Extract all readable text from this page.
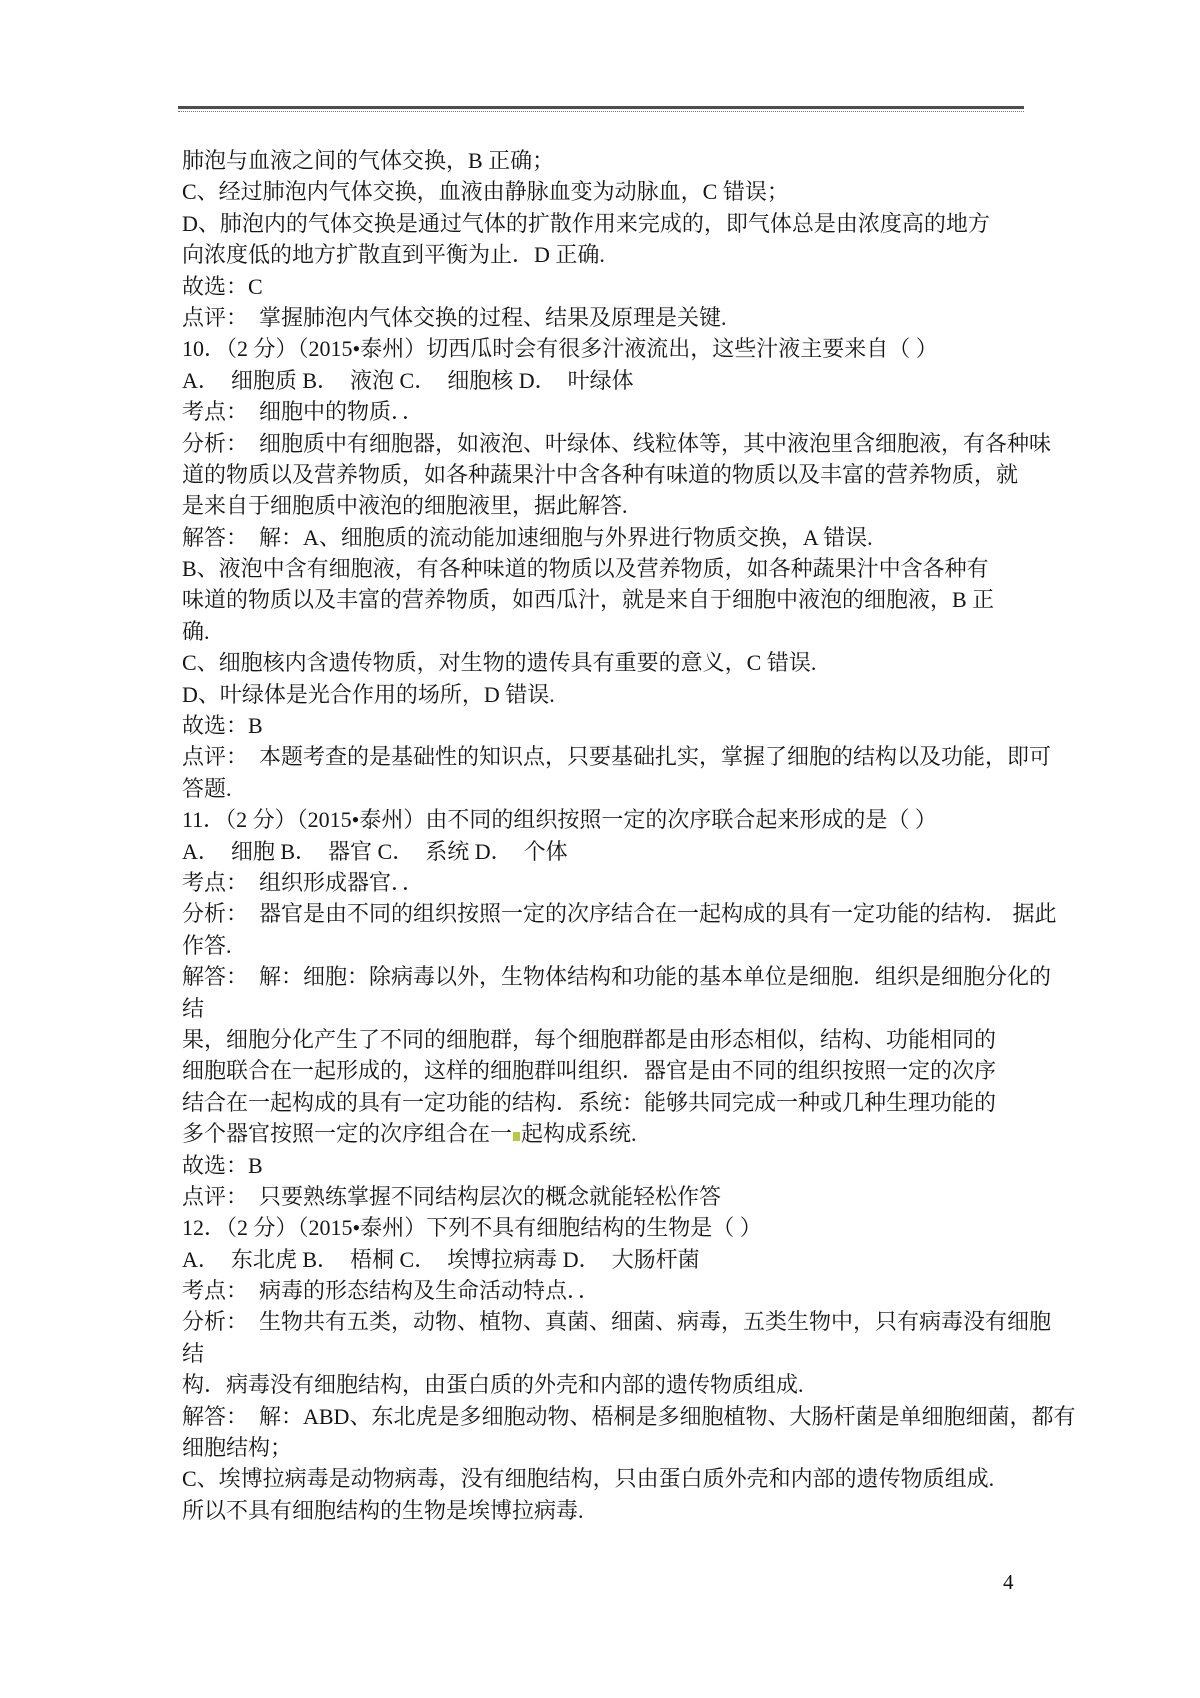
肺泡与血液之间的气体交换，B 正确；
C、经过肺泡内气体交换，血液由静脉血变为动脉血，C 错误；
D、肺泡内的气体交换是通过气体的扩散作用来完成的，即气体总是由浓度高的地方
向浓度低的地方扩散直到平衡为止．D 正确.
故选：C
点评：  掌握肺泡内气体交换的过程、结果及原理是关键.
10．（2 分）（2015•泰州）切西瓜时会有很多汁液流出，这些汁液主要来自（ ）
A．  细胞质 B．  液泡 C．  细胞核 D．  叶绿体
考点：  细胞中的物质．．
分析：  细胞质中有细胞器，如液泡、叶绿体、线粒体等，其中液泡里含细胞液，有各种味
道的物质以及营养物质，如各种蔬果汁中含各种有味道的物质以及丰富的营养物质，就
是来自于细胞质中液泡的细胞液里，据此解答.
解答：  解：A、细胞质的流动能加速细胞与外界进行物质交换，A 错误.
B、液泡中含有细胞液，有各种味道的物质以及营养物质，如各种蔬果汁中含各种有
味道的物质以及丰富的营养物质，如西瓜汁，就是来自于细胞中液泡的细胞液，B 正
确.
C、细胞核内含遗传物质，对生物的遗传具有重要的意义，C 错误.
D、叶绿体是光合作用的场所，D 错误.
故选：B
点评：  本题考查的是基础性的知识点，只要基础扎实，掌握了细胞的结构以及功能，即可
答题.
11．（2 分）（2015•泰州）由不同的组织按照一定的次序联合起来形成的是（ ）
A．  细胞 B．  器官 C．  系统 D．  个体
考点：  组织形成器官．．
分析：  器官是由不同的组织按照一定的次序结合在一起构成的具有一定功能的结构． 据此
作答.
解答：  解：细胞：除病毒以外，生物体结构和功能的基本单位是细胞．组织是细胞分化的
结
果，细胞分化产生了不同的细胞群，每个细胞群都是由形态相似，结构、功能相同的
细胞联合在一起形成的，这样的细胞群叫组织．器官是由不同的组织按照一定的次序
结合在一起构成的具有一定功能的结构．系统：能够共同完成一种或几种生理功能的
多个器官按照一定的次序组合在一 起构成系统.
故选：B
点评：  只要熟练掌握不同结构层次的概念就能轻松作答
12．（2 分）（2015•泰州）下列不具有细胞结构的生物是（ ）
A．  东北虎 B．  梧桐 C．  埃博拉病毒 D．  大肠杆菌
考点：  病毒的形态结构及生命活动特点．．
分析：  生物共有五类，动物、植物、真菌、细菌、病毒，五类生物中，只有病毒没有细胞
结
构．病毒没有细胞结构，由蛋白质的外壳和内部的遗传物质组成.
解答：  解：ABD、东北虎是多细胞动物、梧桐是多细胞植物、大肠杆菌是单细胞细菌，都有
细胞结构；
C、埃博拉病毒是动物病毒，没有细胞结构，只由蛋白质外壳和内部的遗传物质组成.
所以不具有细胞结构的生物是埃博拉病毒.
4
